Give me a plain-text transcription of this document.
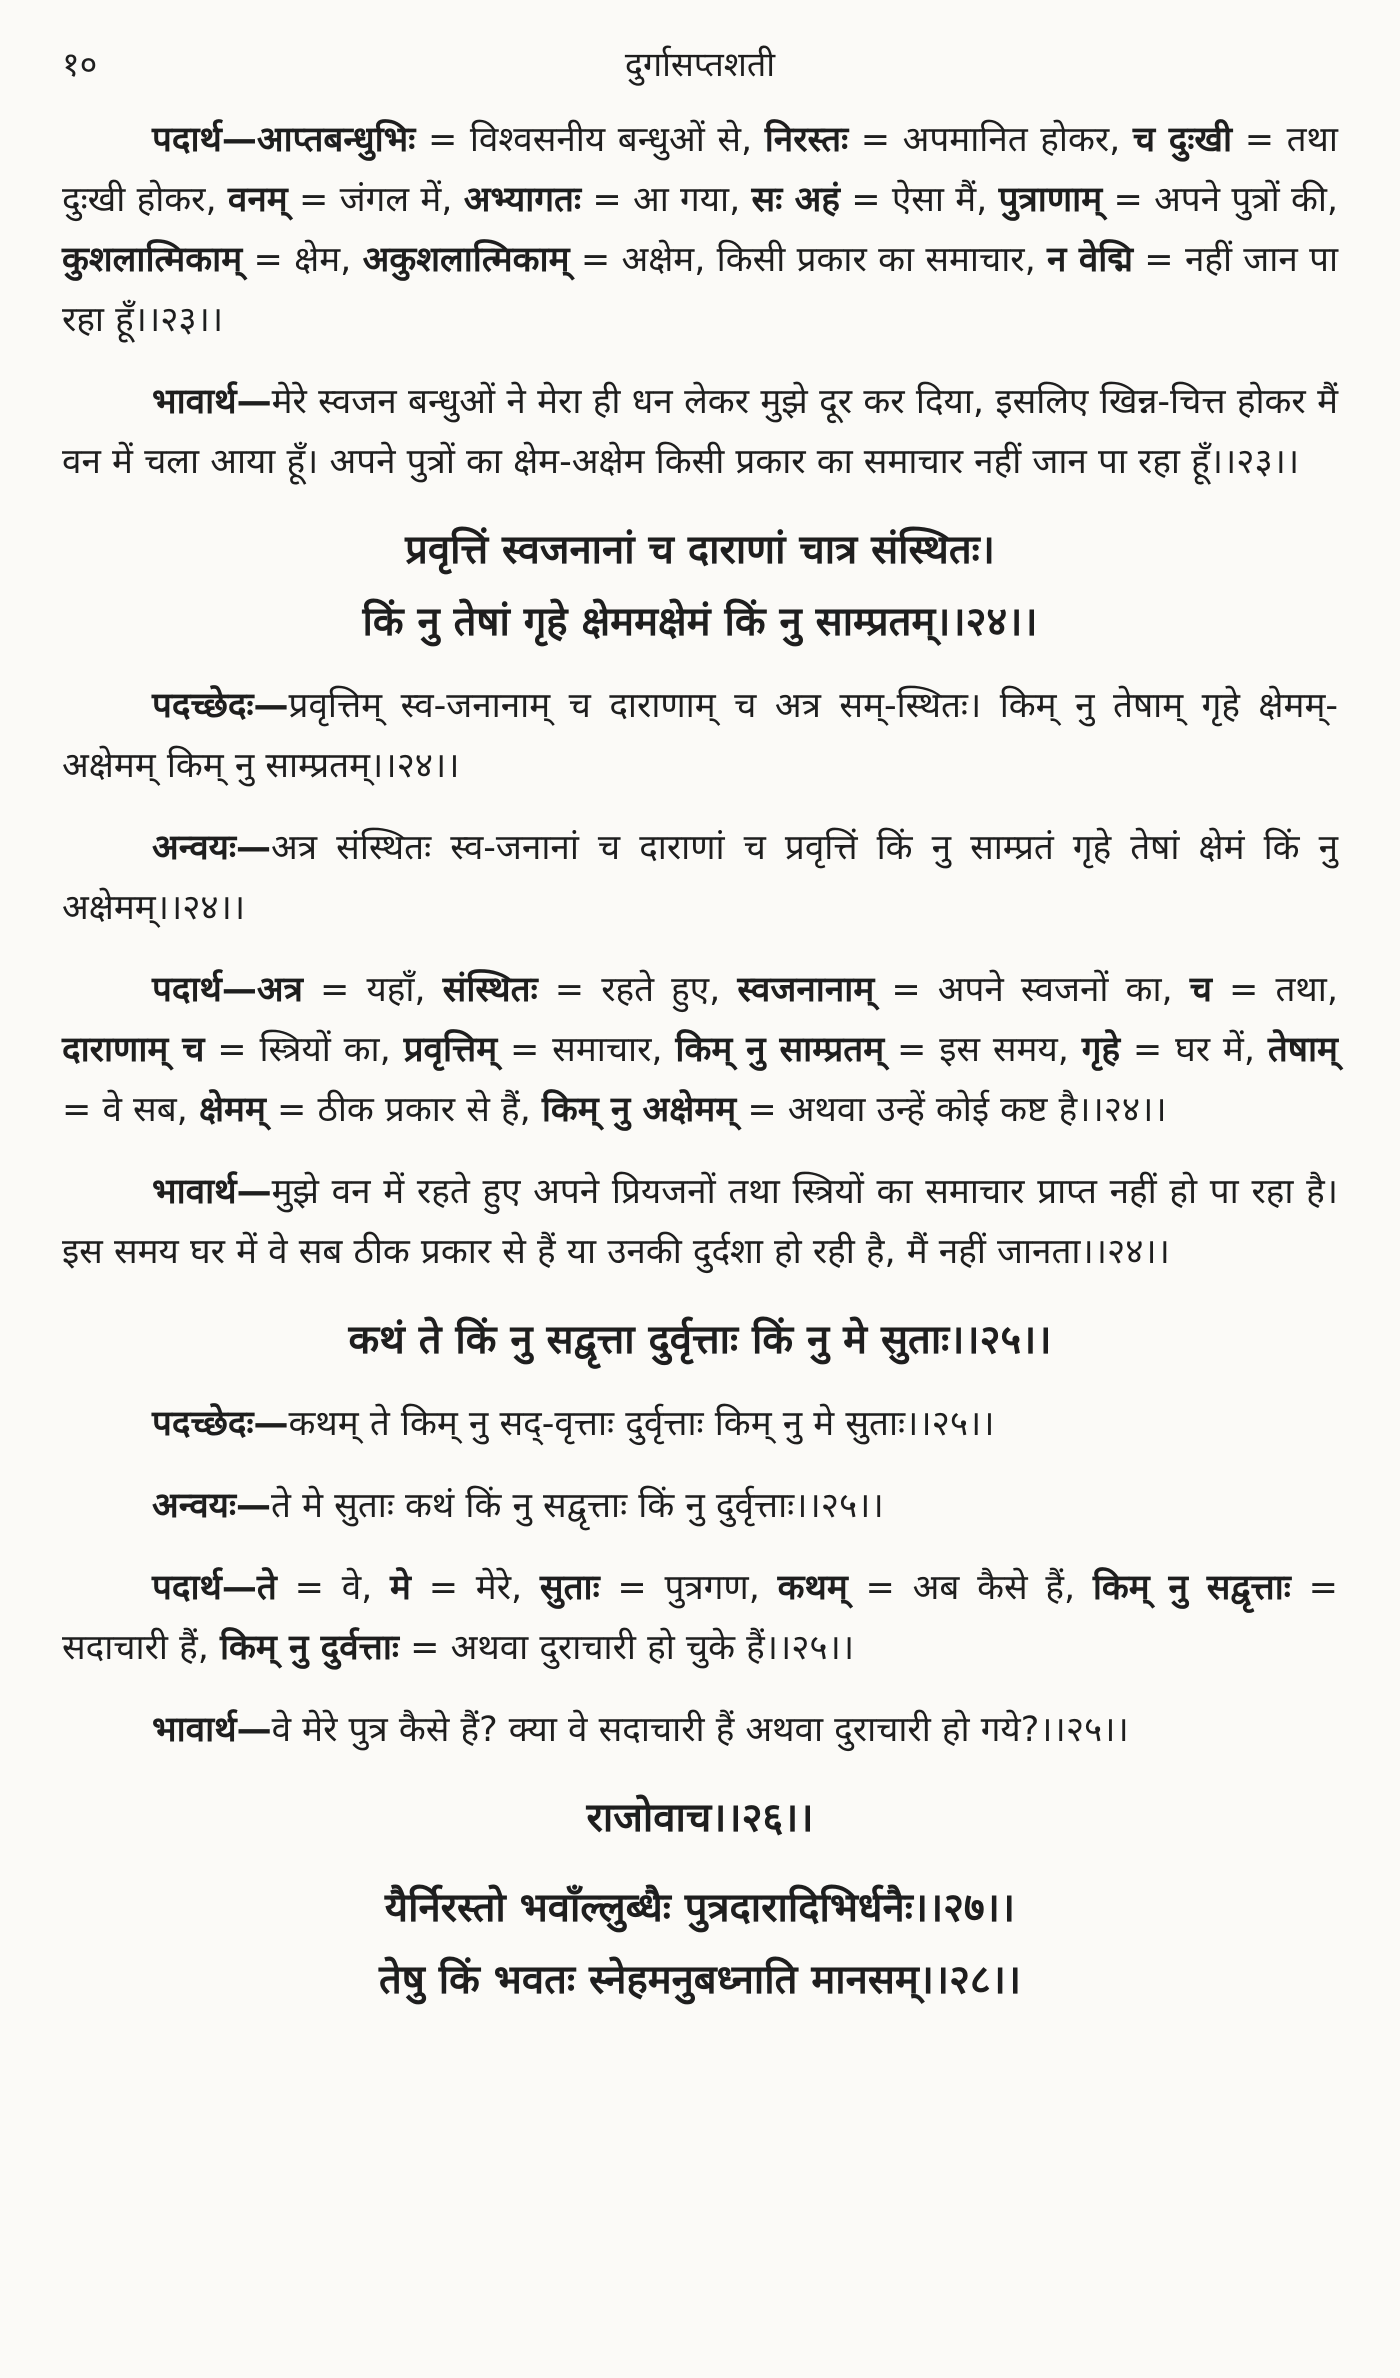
१०	दुर्गासप्तशती

पदार्थ—आप्तबन्धुभिः = विश्वसनीय बन्धुओं से, निरस्तः = अपमानित होकर, च दुःखी = तथा दुःखी होकर, वनम् = जंगल में, अभ्यागतः = आ गया, सः अहं = ऐसा मैं, पुत्राणाम् = अपने पुत्रों की, कुशलात्मिकाम् = क्षेम, अकुशलात्मिकाम् = अक्षेम, किसी प्रकार का समाचार, न वेद्मि = नहीं जान पा रहा हूँ।।२३।।

भावार्थ—मेरे स्वजन बन्धुओं ने मेरा ही धन लेकर मुझे दूर कर दिया, इसलिए खिन्न-चित्त होकर मैं वन में चला आया हूँ। अपने पुत्रों का क्षेम-अक्षेम किसी प्रकार का समाचार नहीं जान पा रहा हूँ।।२३।।

प्रवृत्तिं स्वजनानां च दाराणां चात्र संस्थितः।
किं नु तेषां गृहे क्षेममक्षेमं किं नु साम्प्रतम्।।२४।।

पदच्छेदः—प्रवृत्तिम् स्व-जनानाम् च दाराणाम् च अत्र सम्-स्थितः। किम् नु तेषाम् गृहे क्षेमम्-अक्षेमम् किम् नु साम्प्रतम्।।२४।।

अन्वयः—अत्र संस्थितः स्व-जनानां च दाराणां च प्रवृत्तिं किं नु साम्प्रतं गृहे तेषां क्षेमं किं नु अक्षेमम्।।२४।।

पदार्थ—अत्र = यहाँ, संस्थितः = रहते हुए, स्वजनानाम् = अपने स्वजनों का, च = तथा, दाराणाम् च = स्त्रियों का, प्रवृत्तिम् = समाचार, किम् नु साम्प्रतम् = इस समय, गृहे = घर में, तेषाम् = वे सब, क्षेमम् = ठीक प्रकार से हैं, किम् नु अक्षेमम् = अथवा उन्हें कोई कष्ट है।।२४।।

भावार्थ—मुझे वन में रहते हुए अपने प्रियजनों तथा स्त्रियों का समाचार प्राप्त नहीं हो पा रहा है। इस समय घर में वे सब ठीक प्रकार से हैं या उनकी दुर्दशा हो रही है, मैं नहीं जानता।।२४।।

कथं ते किं नु सद्वृत्ता दुर्वृत्ताः किं नु मे सुताः।।२५।।

पदच्छेदः—कथम् ते किम् नु सद्-वृत्ताः दुर्वृत्ताः किम् नु मे सुताः।।२५।।

अन्वयः—ते मे सुताः कथं किं नु सद्वृत्ताः किं नु दुर्वृत्ताः।।२५।।

पदार्थ—ते = वे, मे = मेरे, सुताः = पुत्रगण, कथम् = अब कैसे हैं, किम् नु सद्वृत्ताः = सदाचारी हैं, किम् नु दुर्वत्ताः = अथवा दुराचारी हो चुके हैं।।२५।।

भावार्थ—वे मेरे पुत्र कैसे हैं? क्या वे सदाचारी हैं अथवा दुराचारी हो गये?।।२५।।

राजोवाच।।२६।।
यैर्निरस्तो भवाँल्लुब्धैः पुत्रदारादिभिर्धनैः।।२७।।
तेषु किं भवतः स्नेहमनुबध्नाति मानसम्।।२८।।
